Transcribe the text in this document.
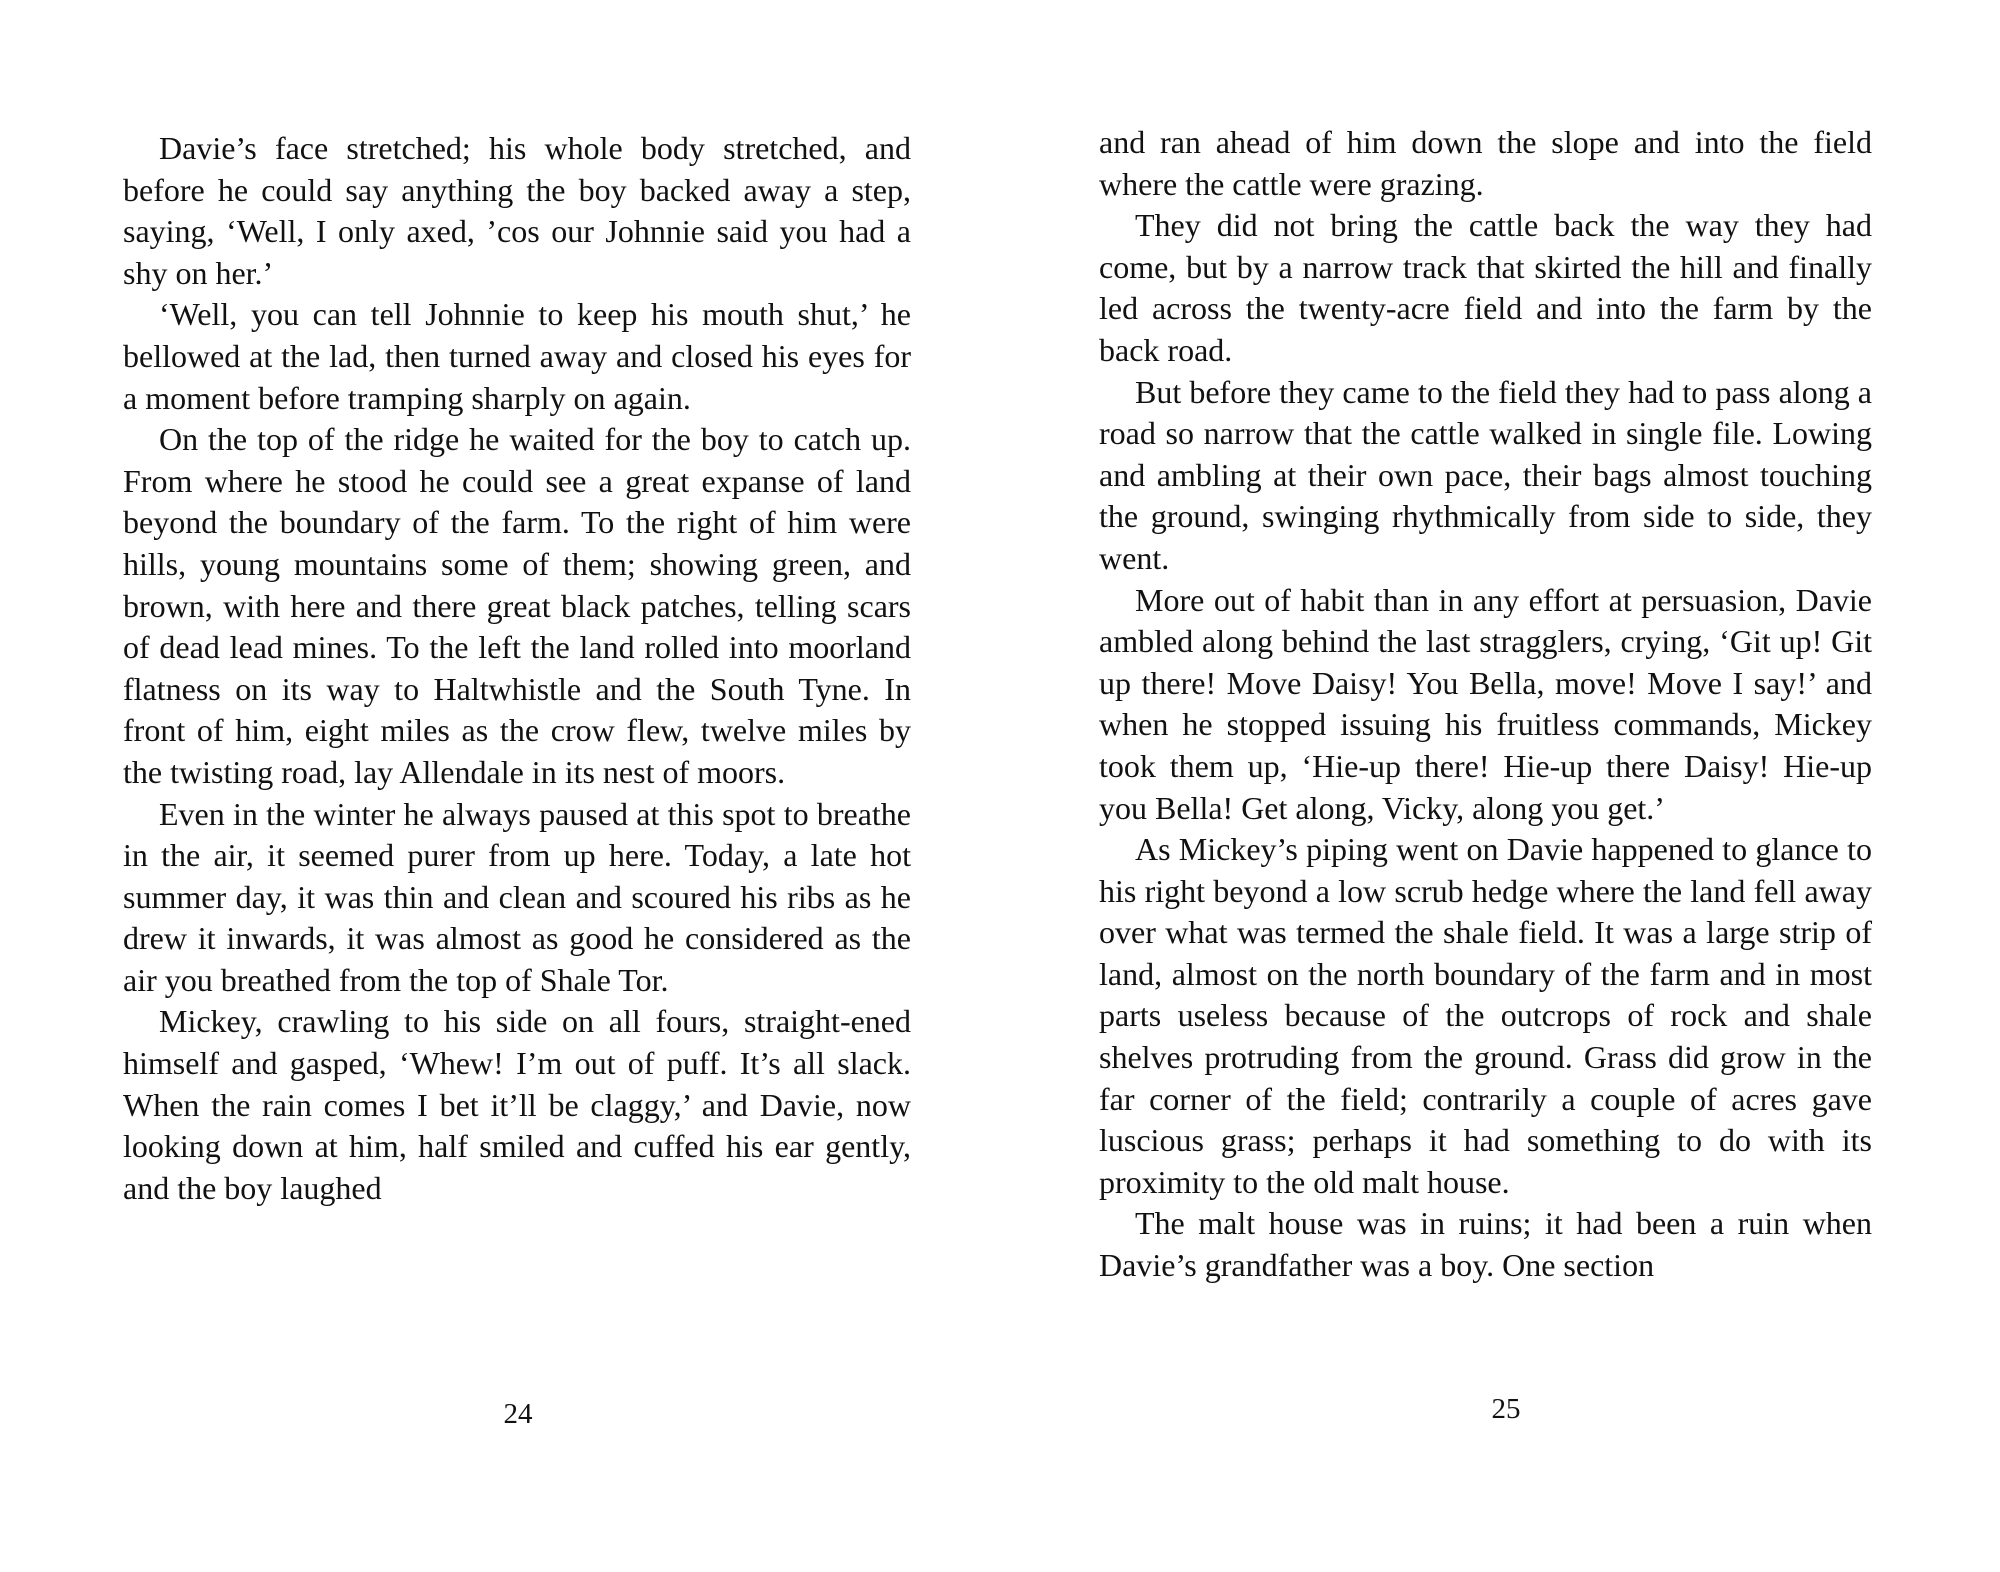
Davie’s face stretched; his whole body stretched, and before he could say anything the boy backed away a step, saying, ‘Well, I only axed, ’cos our Johnnie said you had a shy on her.’

‘Well, you can tell Johnnie to keep his mouth shut,’ he bellowed at the lad, then turned away and closed his eyes for a moment before tramping sharply on again.

On the top of the ridge he waited for the boy to catch up. From where he stood he could see a great expanse of land beyond the boundary of the farm. To the right of him were hills, young mountains some of them; showing green, and brown, with here and there great black patches, telling scars of dead lead mines. To the left the land rolled into moorland flatness on its way to Haltwhistle and the South Tyne. In front of him, eight miles as the crow flew, twelve miles by the twisting road, lay Allendale in its nest of moors.

Even in the winter he always paused at this spot to breathe in the air, it seemed purer from up here. Today, a late hot summer day, it was thin and clean and scoured his ribs as he drew it inwards, it was almost as good he considered as the air you breathed from the top of Shale Tor.

Mickey, crawling to his side on all fours, straight-ened himself and gasped, ‘Whew! I’m out of puff. It’s all slack. When the rain comes I bet it’ll be claggy,’ and Davie, now looking down at him, half smiled and cuffed his ear gently, and the boy laughed

24

and ran ahead of him down the slope and into the field where the cattle were grazing.

They did not bring the cattle back the way they had come, but by a narrow track that skirted the hill and finally led across the twenty-acre field and into the farm by the back road.

But before they came to the field they had to pass along a road so narrow that the cattle walked in single file. Lowing and ambling at their own pace, their bags almost touching the ground, swinging rhythmically from side to side, they went.

More out of habit than in any effort at persuasion, Davie ambled along behind the last stragglers, crying, ‘Git up! Git up there! Move Daisy! You Bella, move! Move I say!’ and when he stopped issuing his fruitless commands, Mickey took them up, ‘Hie-up there! Hie-up there Daisy! Hie-up you Bella! Get along, Vicky, along you get.’

As Mickey’s piping went on Davie happened to glance to his right beyond a low scrub hedge where the land fell away over what was termed the shale field. It was a large strip of land, almost on the north boundary of the farm and in most parts useless because of the outcrops of rock and shale shelves protruding from the ground. Grass did grow in the far corner of the field; contrarily a couple of acres gave luscious grass; perhaps it had something to do with its proximity to the old malt house.

The malt house was in ruins; it had been a ruin when Davie’s grandfather was a boy. One section

25
